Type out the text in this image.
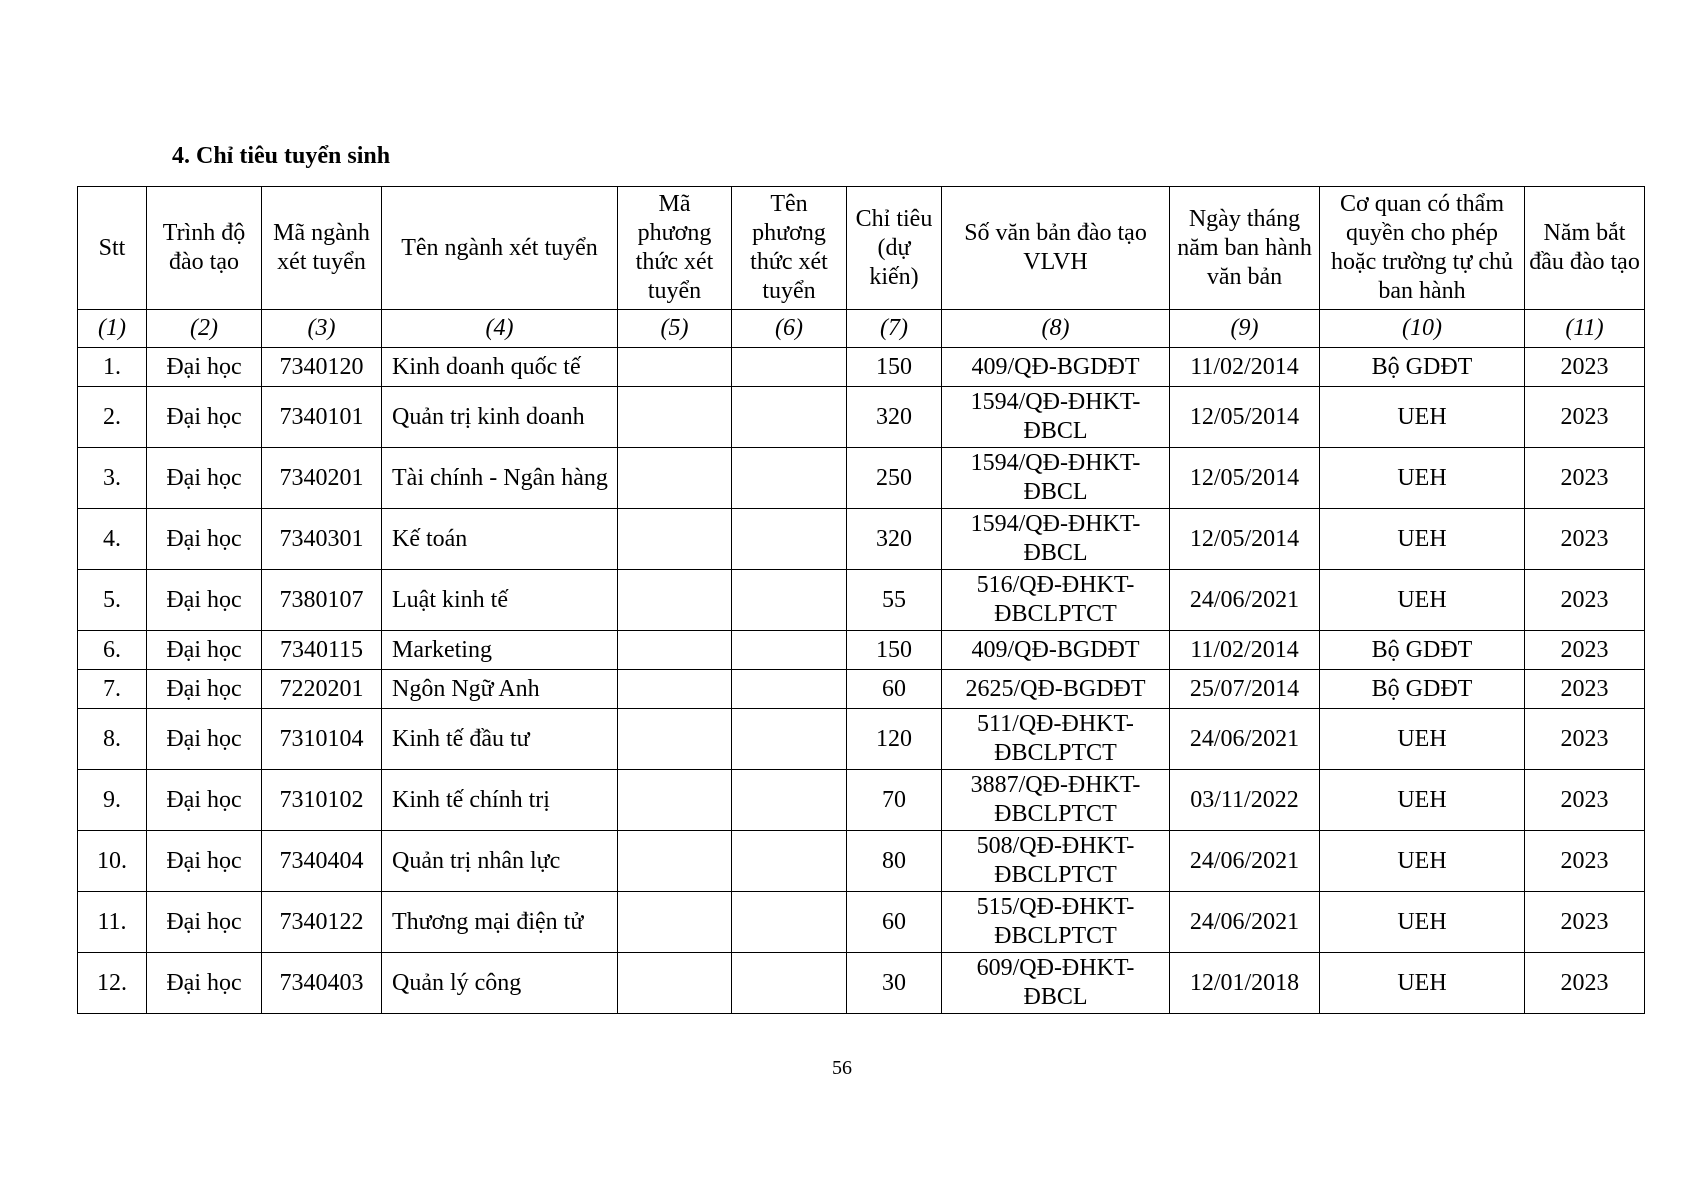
4. Chỉ tiêu tuyển sinh
Stt	Trình độ đào tạo	Mã ngành xét tuyển	Tên ngành xét tuyển	Mã phương thức xét tuyển	Tên phương thức xét tuyển	Chỉ tiêu (dự kiến)	Số văn bản đào tạo VLVH	Ngày tháng năm ban hành văn bản	Cơ quan có thẩm quyền cho phép hoặc trường tự chủ ban hành	Năm bắt đầu đào tạo
(1)	(2)	(3)	(4)	(5)	(6)	(7)	(8)	(9)	(10)	(11)
1.	Đại học	7340120	Kinh doanh quốc tế			150	409/QĐ-BGDĐT	11/02/2014	Bộ GDĐT	2023
2.	Đại học	7340101	Quản trị kinh doanh			320	1594/QĐ-ĐHKT-ĐBCL	12/05/2014	UEH	2023
3.	Đại học	7340201	Tài chính - Ngân hàng			250	1594/QĐ-ĐHKT-ĐBCL	12/05/2014	UEH	2023
4.	Đại học	7340301	Kế toán			320	1594/QĐ-ĐHKT-ĐBCL	12/05/2014	UEH	2023
5.	Đại học	7380107	Luật kinh tế			55	516/QĐ-ĐHKT-ĐBCLPTCT	24/06/2021	UEH	2023
6.	Đại học	7340115	Marketing			150	409/QĐ-BGDĐT	11/02/2014	Bộ GDĐT	2023
7.	Đại học	7220201	Ngôn Ngữ Anh			60	2625/QĐ-BGDĐT	25/07/2014	Bộ GDĐT	2023
8.	Đại học	7310104	Kinh tế đầu tư			120	511/QĐ-ĐHKT-ĐBCLPTCT	24/06/2021	UEH	2023
9.	Đại học	7310102	Kinh tế chính trị			70	3887/QĐ-ĐHKT-ĐBCLPTCT	03/11/2022	UEH	2023
10.	Đại học	7340404	Quản trị nhân lực			80	508/QĐ-ĐHKT-ĐBCLPTCT	24/06/2021	UEH	2023
11.	Đại học	7340122	Thương mại điện tử			60	515/QĐ-ĐHKT-ĐBCLPTCT	24/06/2021	UEH	2023
12.	Đại học	7340403	Quản lý công			30	609/QĐ-ĐHKT-ĐBCL	12/01/2018	UEH	2023
56
